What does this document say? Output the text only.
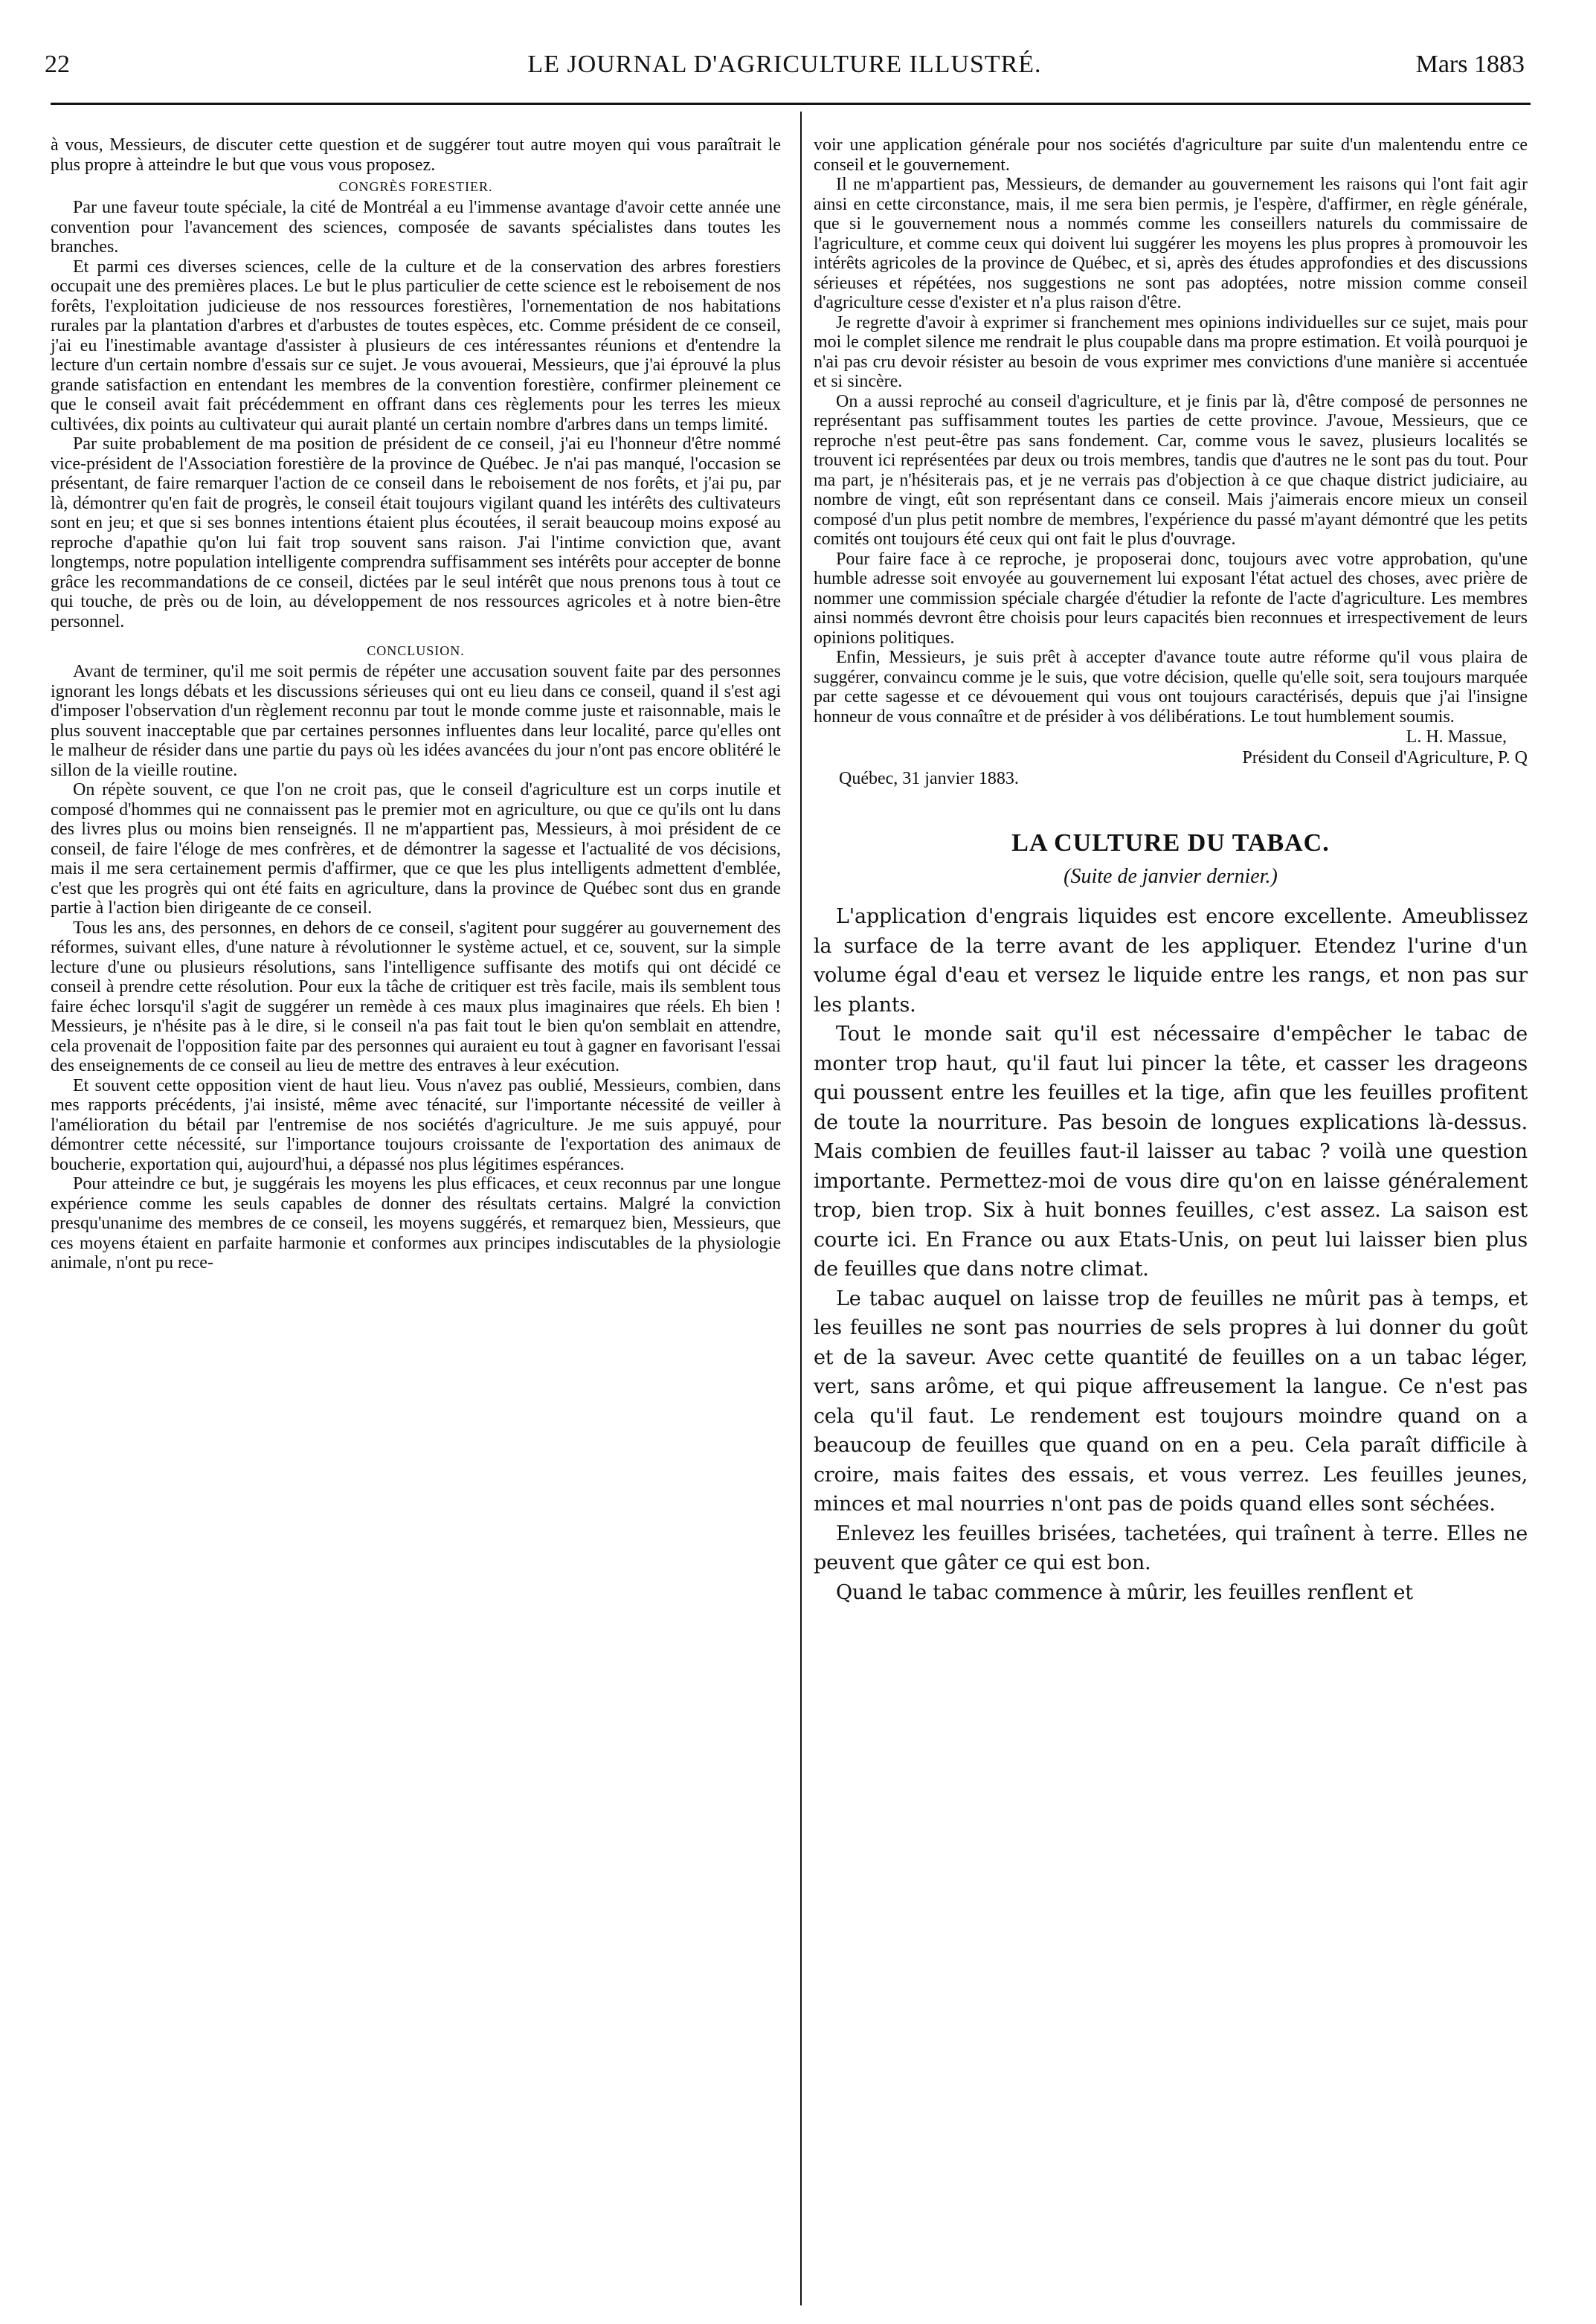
22	LE JOURNAL D'AGRICULTURE ILLUSTRÉ.	Mars 1883

à vous, Messieurs, de discuter cette question et de suggérer tout autre moyen qui vous paraîtrait le plus propre à atteindre le but que vous vous proposez.

CONGRÈS FORESTIER.

Par une faveur toute spéciale, la cité de Montréal a eu l'immense avantage d'avoir cette année une convention pour l'avancement des sciences, composée de savants spécialistes dans toutes les branches.

Et parmi ces diverses sciences, celle de la culture et de la conservation des arbres forestiers occupait une des premières places. Le but le plus particulier de cette science est le reboisement de nos forêts, l'exploitation judicieuse de nos ressources forestières, l'ornementation de nos habitations rurales par la plantation d'arbres et d'arbustes de toutes espèces, etc. Comme président de ce conseil, j'ai eu l'inestimable avantage d'assister à plusieurs de ces intéressantes réunions et d'entendre la lecture d'un certain nombre d'essais sur ce sujet. Je vous avouerai, Messieurs, que j'ai éprouvé la plus grande satisfaction en entendant les membres de la convention forestière, confirmer pleinement ce que le conseil avait fait précédemment en offrant dans ces règlements pour les terres les mieux cultivées, dix points au cultivateur qui aurait planté un certain nombre d'arbres dans un temps limité.

Par suite probablement de ma position de président de ce conseil, j'ai eu l'honneur d'être nommé vice-président de l'Association forestière de la province de Québec. Je n'ai pas manqué, l'occasion se présentant, de faire remarquer l'action de ce conseil dans le reboisement de nos forêts, et j'ai pu, par là, démontrer qu'en fait de progrès, le conseil était toujours vigilant quand les intérêts des cultivateurs sont en jeu; et que si ses bonnes intentions étaient plus écoutées, il serait beaucoup moins exposé au reproche d'apathie qu'on lui fait trop souvent sans raison. J'ai l'intime conviction que, avant longtemps, notre population intelligente comprendra suffisamment ses intérêts pour accepter de bonne grâce les recommandations de ce conseil, dictées par le seul intérêt que nous prenons tous à tout ce qui touche, de près ou de loin, au développement de nos ressources agricoles et à notre bien-être personnel.

CONCLUSION.

Avant de terminer, qu'il me soit permis de répéter une accusation souvent faite par des personnes ignorant les longs débats et les discussions sérieuses qui ont eu lieu dans ce conseil, quand il s'est agi d'imposer l'observation d'un règlement reconnu par tout le monde comme juste et raisonnable, mais le plus souvent inacceptable que par certaines personnes influentes dans leur localité, parce qu'elles ont le malheur de résider dans une partie du pays où les idées avancées du jour n'ont pas encore oblitéré le sillon de la vieille routine.

On répète souvent, ce que l'on ne croit pas, que le conseil d'agriculture est un corps inutile et composé d'hommes qui ne connaissent pas le premier mot en agriculture, ou que ce qu'ils ont lu dans des livres plus ou moins bien renseignés. Il ne m'appartient pas, Messieurs, à moi président de ce conseil, de faire l'éloge de mes confrères, et de démontrer la sagesse et l'actualité de vos décisions, mais il me sera certainement permis d'affirmer, que ce que les plus intelligents admettent d'emblée, c'est que les progrès qui ont été faits en agriculture, dans la province de Québec sont dus en grande partie à l'action bien dirigeante de ce conseil.

Tous les ans, des personnes, en dehors de ce conseil, s'agitent pour suggérer au gouvernement des réformes, suivant elles, d'une nature à révolutionner le système actuel, et ce, souvent, sur la simple lecture d'une ou plusieurs résolutions, sans l'intelligence suffisante des motifs qui ont décidé ce conseil à prendre cette résolution. Pour eux la tâche de critiquer est très facile, mais ils semblent tous faire échec lorsqu'il s'agit de suggérer un remède à ces maux plus imaginaires que réels. Eh bien ! Messieurs, je n'hésite pas à le dire, si le conseil n'a pas fait tout le bien qu'on semblait en attendre, cela provenait de l'opposition faite par des personnes qui auraient eu tout à gagner en favorisant l'essai des enseignements de ce conseil au lieu de mettre des entraves à leur exécution.

Et souvent cette opposition vient de haut lieu. Vous n'avez pas oublié, Messieurs, combien, dans mes rapports précédents, j'ai insisté, même avec ténacité, sur l'importante nécessité de veiller à l'amélioration du bétail par l'entremise de nos sociétés d'agriculture. Je me suis appuyé, pour démontrer cette nécessité, sur l'importance toujours croissante de l'exportation des animaux de boucherie, exportation qui, aujourd'hui, a dépassé nos plus légitimes espérances.

Pour atteindre ce but, je suggérais les moyens les plus efficaces, et ceux reconnus par une longue expérience comme les seuls capables de donner des résultats certains. Malgré la conviction presqu'unanime des membres de ce conseil, les moyens suggérés, et remarquez bien, Messieurs, que ces moyens étaient en parfaite harmonie et conformes aux principes indiscutables de la physiologie animale, n'ont pu rece-

voir une application générale pour nos sociétés d'agriculture par suite d'un malentendu entre ce conseil et le gouvernement.

Il ne m'appartient pas, Messieurs, de demander au gouvernement les raisons qui l'ont fait agir ainsi en cette circonstance, mais, il me sera bien permis, je l'espère, d'affirmer, en règle générale, que si le gouvernement nous a nommés comme les conseillers naturels du commissaire de l'agriculture, et comme ceux qui doivent lui suggérer les moyens les plus propres à promouvoir les intérêts agricoles de la province de Québec, et si, après des études approfondies et des discussions sérieuses et répétées, nos suggestions ne sont pas adoptées, notre mission comme conseil d'agriculture cesse d'exister et n'a plus raison d'être.

Je regrette d'avoir à exprimer si franchement mes opinions individuelles sur ce sujet, mais pour moi le complet silence me rendrait le plus coupable dans ma propre estimation. Et voilà pourquoi je n'ai pas cru devoir résister au besoin de vous exprimer mes convictions d'une manière si accentuée et si sincère.

On a aussi reproché au conseil d'agriculture, et je finis par là, d'être composé de personnes ne représentant pas suffisamment toutes les parties de cette province. J'avoue, Messieurs, que ce reproche n'est peut-être pas sans fondement. Car, comme vous le savez, plusieurs localités se trouvent ici représentées par deux ou trois membres, tandis que d'autres ne le sont pas du tout. Pour ma part, je n'hésiterais pas, et je ne verrais pas d'objection à ce que chaque district judiciaire, au nombre de vingt, eût son représentant dans ce conseil. Mais j'aimerais encore mieux un conseil composé d'un plus petit nombre de membres, l'expérience du passé m'ayant démontré que les petits comités ont toujours été ceux qui ont fait le plus d'ouvrage.

Pour faire face à ce reproche, je proposerai donc, toujours avec votre approbation, qu'une humble adresse soit envoyée au gouvernement lui exposant l'état actuel des choses, avec prière de nommer une commission spéciale chargée d'étudier la refonte de l'acte d'agriculture. Les membres ainsi nommés devront être choisis pour leurs capacités bien reconnues et irrespectivement de leurs opinions politiques.

Enfin, Messieurs, je suis prêt à accepter d'avance toute autre réforme qu'il vous plaira de suggérer, convaincu comme je le suis, que votre décision, quelle qu'elle soit, sera toujours marquée par cette sagesse et ce dévouement qui vous ont toujours caractérisés, depuis que j'ai l'insigne honneur de vous connaître et de présider à vos délibérations. Le tout humblement soumis.

L. H. Massue,
Président du Conseil d'Agriculture, P. Q
Québec, 31 janvier 1883.
LA CULTURE DU TABAC.
(Suite de janvier dernier.)

L'application d'engrais liquides est encore excellente. Ameublissez la surface de la terre avant de les appliquer. Etendez l'urine d'un volume égal d'eau et versez le liquide entre les rangs, et non pas sur les plants.

Tout le monde sait qu'il est nécessaire d'empêcher le tabac de monter trop haut, qu'il faut lui pincer la tête, et casser les drageons qui poussent entre les feuilles et la tige, afin que les feuilles profitent de toute la nourriture. Pas besoin de longues explications là-dessus. Mais combien de feuilles faut-il laisser au tabac ? voilà une question importante. Permettez-moi de vous dire qu'on en laisse généralement trop, bien trop. Six à huit bonnes feuilles, c'est assez. La saison est courte ici. En France ou aux Etats-Unis, on peut lui laisser bien plus de feuilles que dans notre climat.

Le tabac auquel on laisse trop de feuilles ne mûrit pas à temps, et les feuilles ne sont pas nourries de sels propres à lui donner du goût et de la saveur. Avec cette quantité de feuilles on a un tabac léger, vert, sans arôme, et qui pique affreusement la langue. Ce n'est pas cela qu'il faut. Le rendement est toujours moindre quand on a beaucoup de feuilles que quand on en a peu. Cela paraît difficile à croire, mais faites des essais, et vous verrez. Les feuilles jeunes, minces et mal nourries n'ont pas de poids quand elles sont séchées.

Enlevez les feuilles brisées, tachetées, qui traînent à terre. Elles ne peuvent que gâter ce qui est bon.

Quand le tabac commence à mûrir, les feuilles renflent et
